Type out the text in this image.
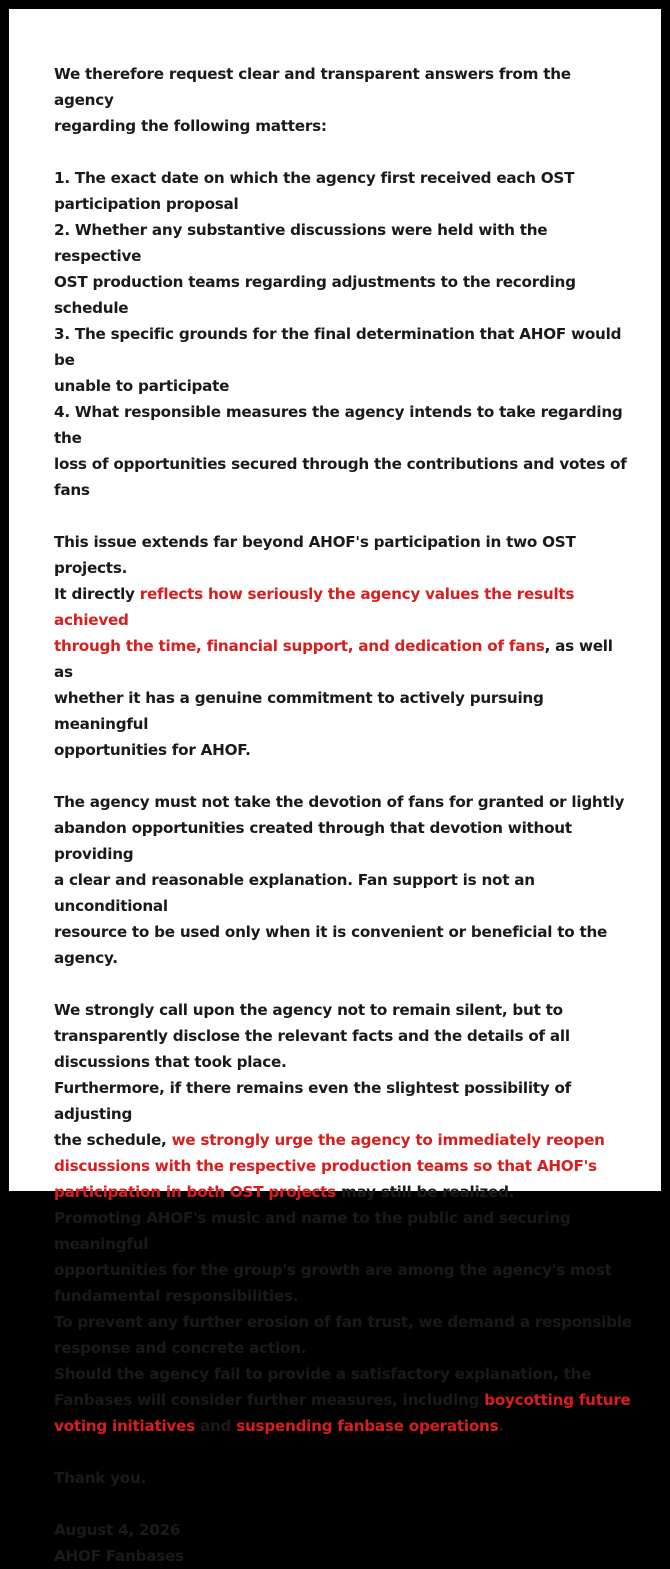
We therefore request clear and transparent answers from the agency

regarding the following matters:

1. The exact date on which the agency first received each OST

participation proposal

2. Whether any substantive discussions were held with the respective

OST production teams regarding adjustments to the recording schedule

3. The specific grounds for the final determination that AHOF would be

unable to participate

4. What responsible measures the agency intends to take regarding the

loss of opportunities secured through the contributions and votes of fans

This issue extends far beyond AHOF's participation in two OST projects.

It directly reflects how seriously the agency values the results achieved

through the time, financial support, and dedication of fans, as well as

whether it has a genuine commitment to actively pursuing meaningful

opportunities for AHOF.

The agency must not take the devotion of fans for granted or lightly

abandon opportunities created through that devotion without providing

a clear and reasonable explanation. Fan support is not an unconditional

resource to be used only when it is convenient or beneficial to the agency.

We strongly call upon the agency not to remain silent, but to

transparently disclose the relevant facts and the details of all

discussions that took place.

Furthermore, if there remains even the slightest possibility of adjusting

the schedule, we strongly urge the agency to immediately reopen

discussions with the respective production teams so that AHOF's

participation in both OST projects may still be realized.

Promoting AHOF's music and name to the public and securing meaningful

opportunities for the group's growth are among the agency's most

fundamental responsibilities.

To prevent any further erosion of fan trust, we demand a responsible

response and concrete action.

Should the agency fail to provide a satisfactory explanation, the

Fanbases will consider further measures, including boycotting future

voting initiatives and suspending fanbase operations.

Thank you.

August 4, 2026

AHOF Fanbases
